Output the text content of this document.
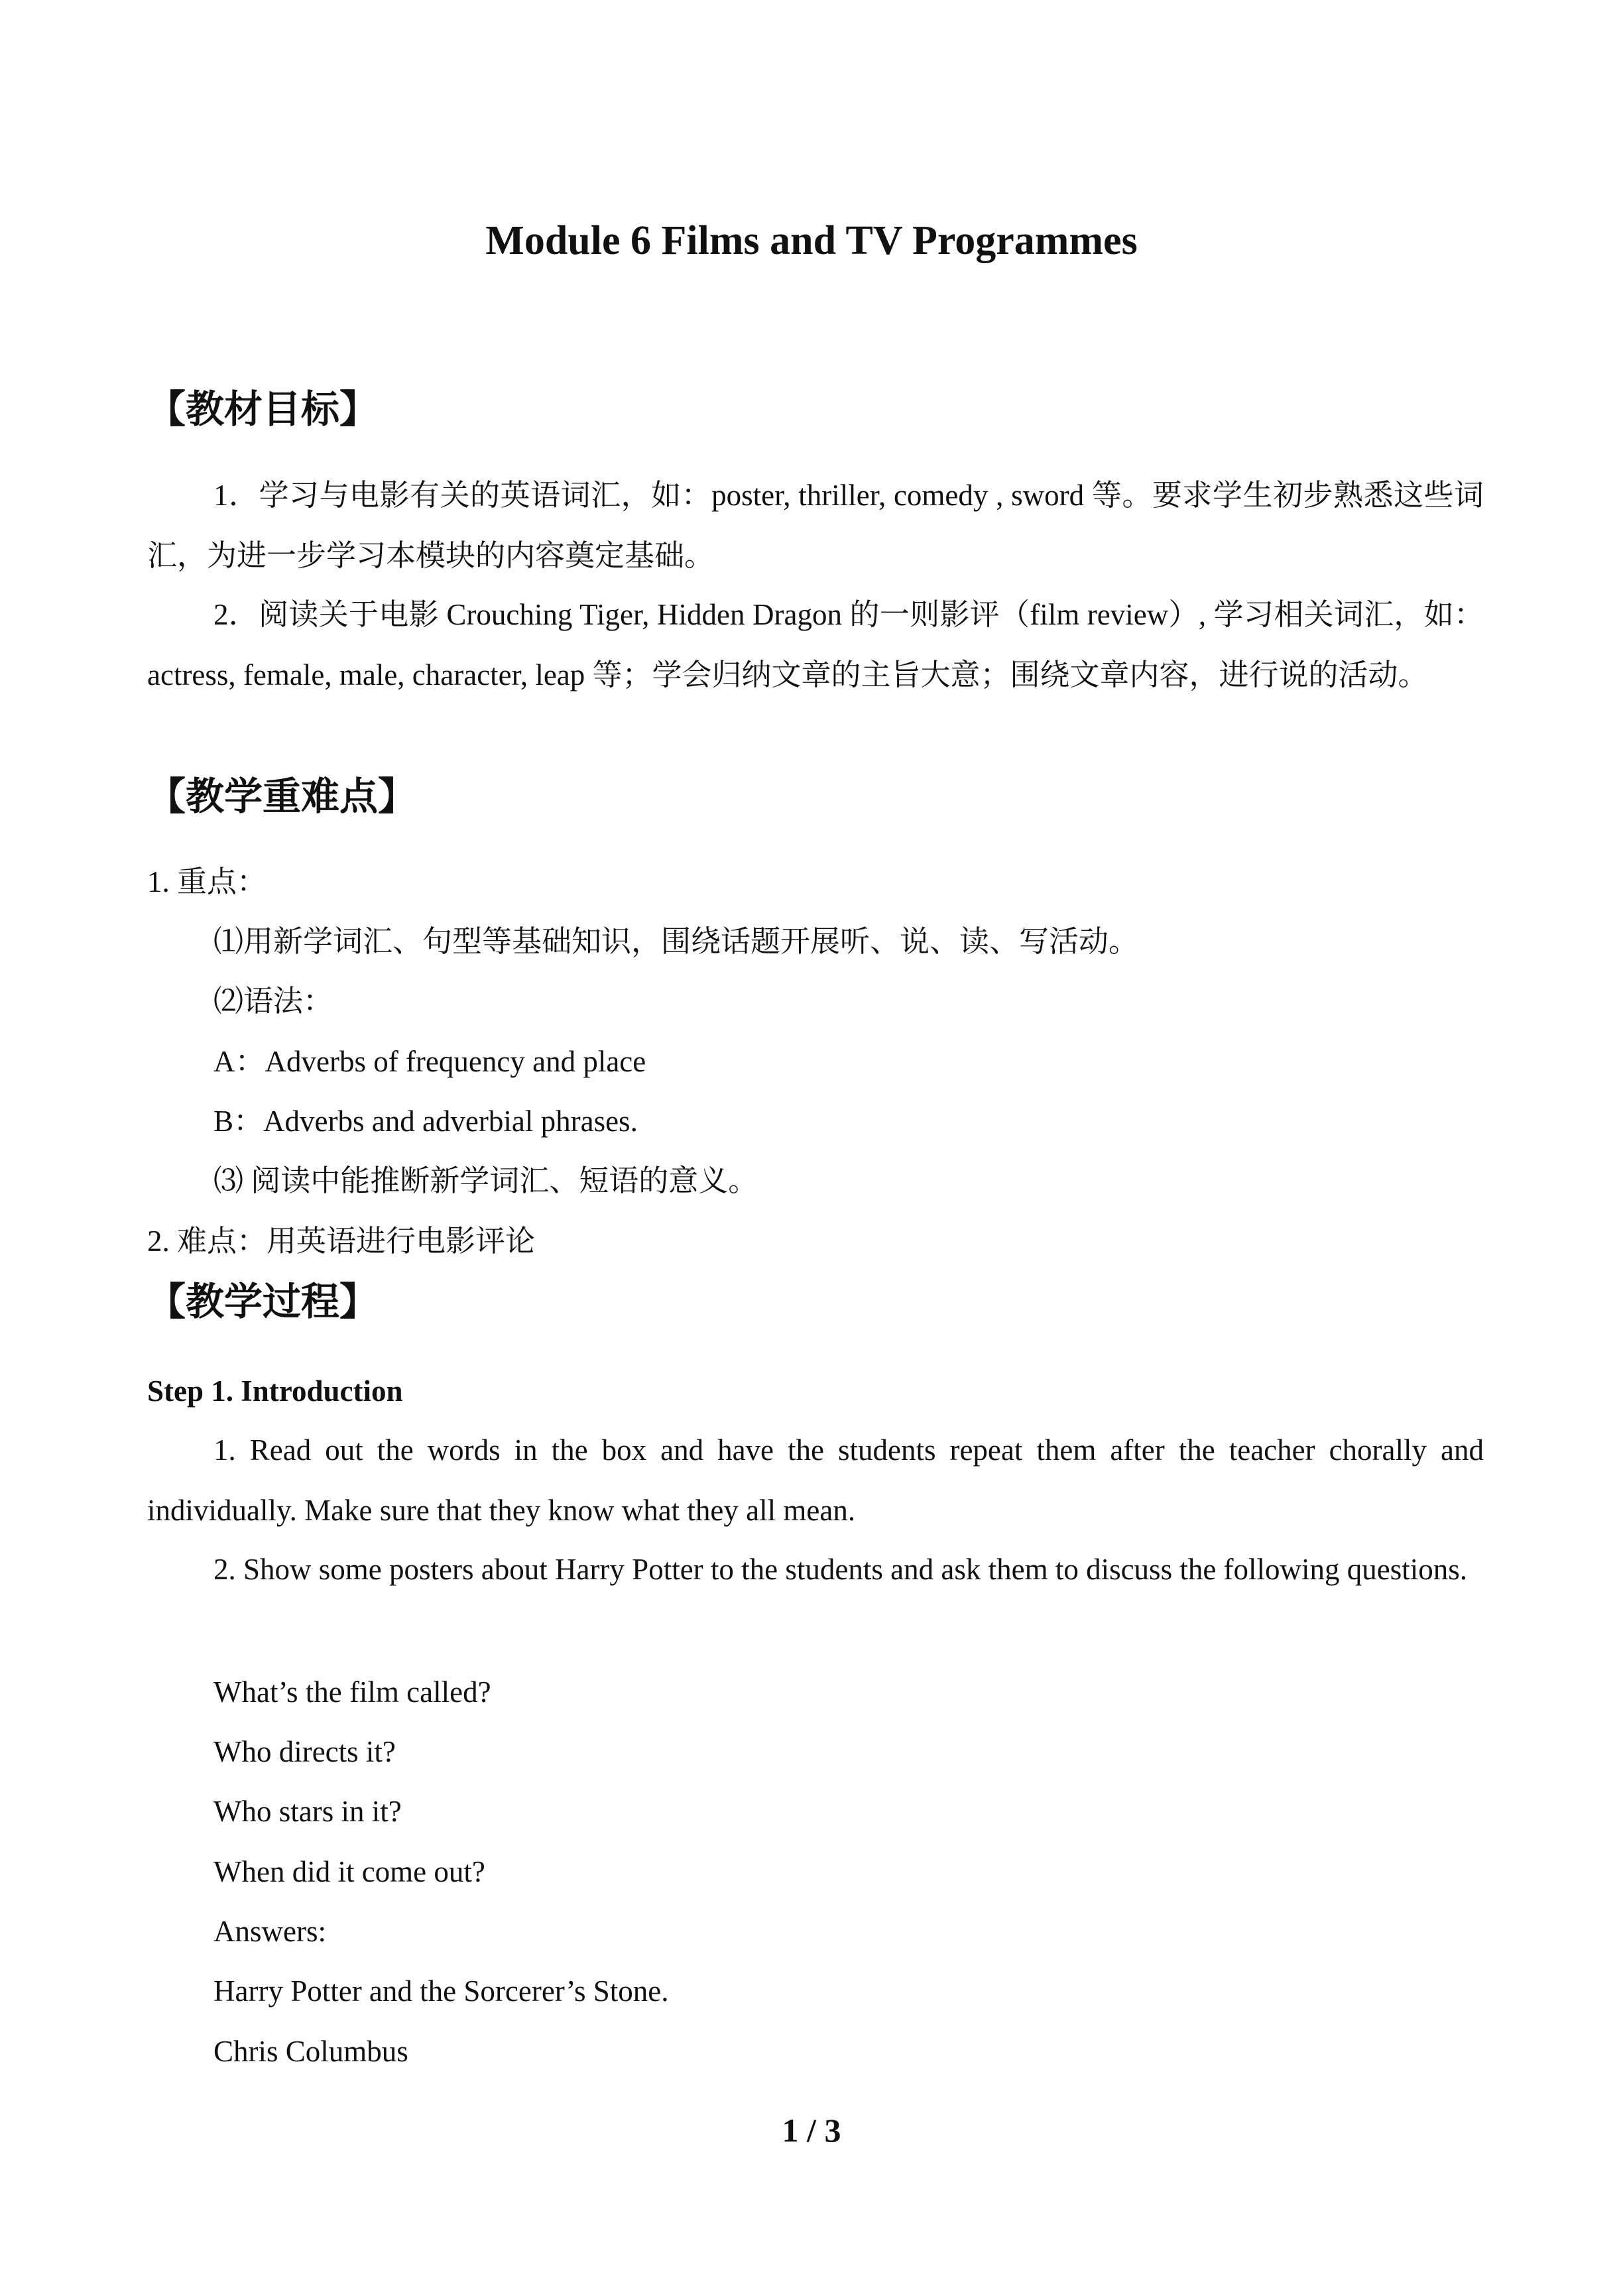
Module 6 Films and TV Programmes
【教材目标】

1．学习与电影有关的英语词汇，如：poster, thriller, comedy , sword 等。要求学生初步熟悉这些词汇，为进一步学习本模块的内容奠定基础。

2．阅读关于电影 Crouching Tiger, Hidden Dragon 的一则影评（film review）, 学习相关词汇，如：actress, female, male, character, leap 等；学会归纳文章的主旨大意；围绕文章内容，进行说的活动。

【教学重难点】

1. 重点：

⑴用新学词汇、句型等基础知识，围绕话题开展听、说、读、写活动。

⑵语法：

A：Adverbs of frequency and place

B：Adverbs and adverbial phrases.

⑶ 阅读中能推断新学词汇、短语的意义。

2. 难点：用英语进行电影评论

【教学过程】

Step 1. Introduction

1. Read out the words in the box and have the students repeat them after the teacher chorally and individually. Make sure that they know what they all mean.

2. Show some posters about Harry Potter to the students and ask them to discuss the following questions.

What’s the film called?

Who directs it?

Who stars in it?

When did it come out?

Answers:

Harry Potter and the Sorcerer’s Stone.

Chris Columbus

1 / 3
